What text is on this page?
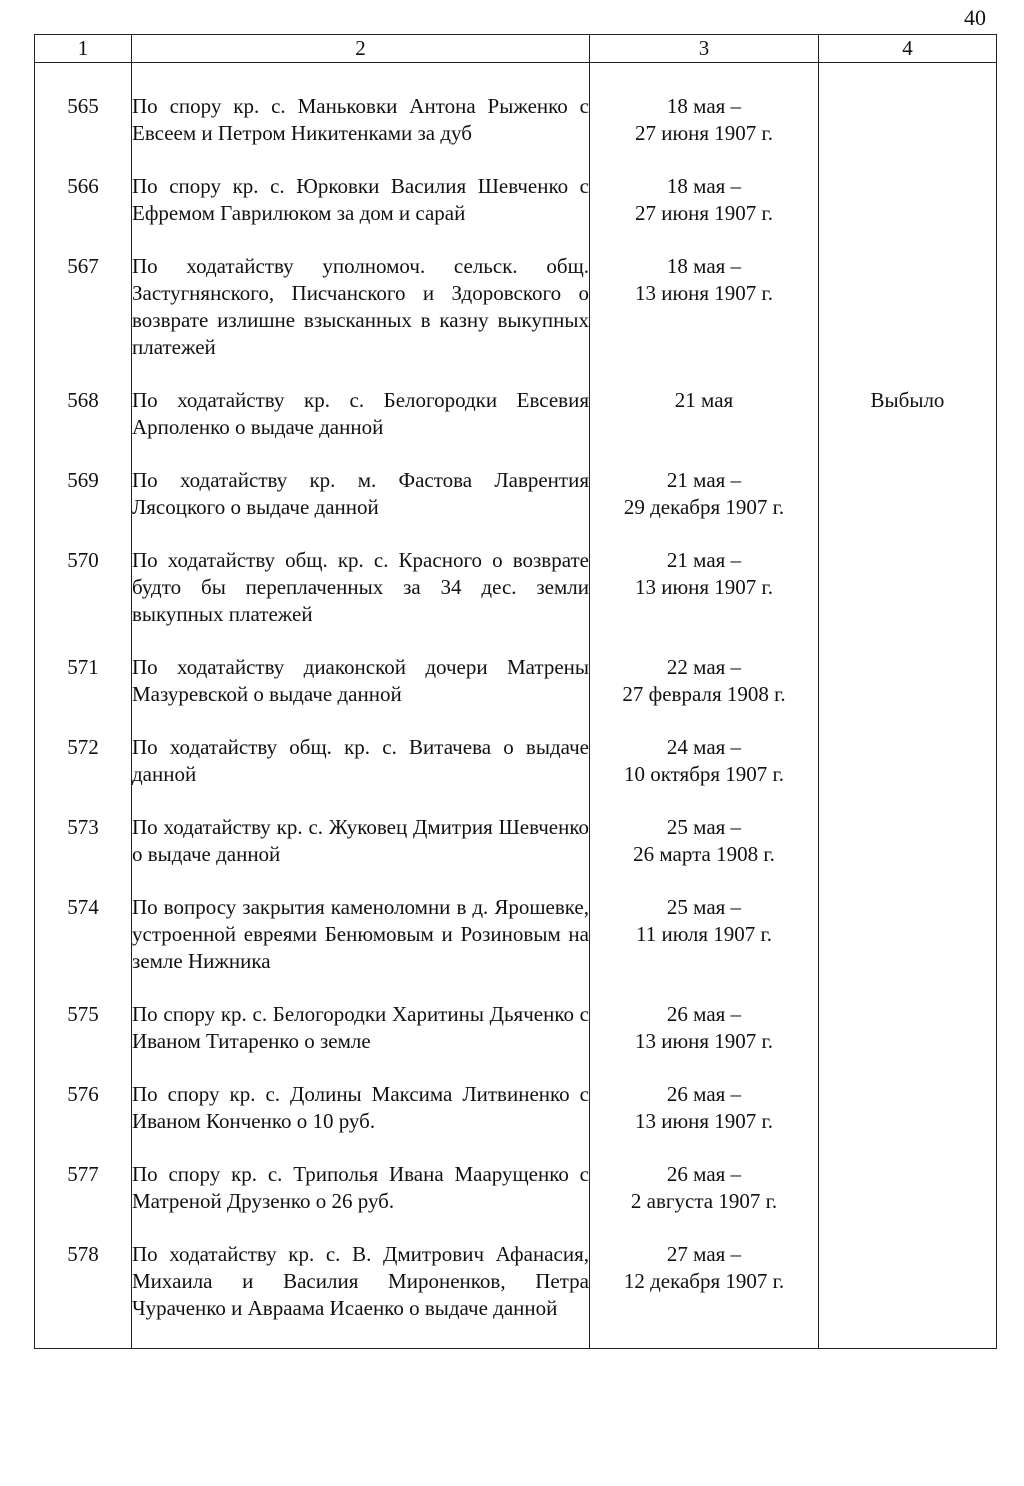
40
1	2	3	4

565	По спору кр. с. Маньковки Антона Рыженко с Евсеем и Петром Никитенками за дуб	18 мая –
27 июня 1907 г.	

566	По спору кр. с. Юрковки Василия Шевченко с Ефремом Гаврилюком за дом и сарай	18 мая –
27 июня 1907 г.	

567	По ходатайству уполномоч. сельск. общ. Застугнянского, Писчанского и Здоровского о возврате излишне взысканных в казну выкупных платежей	18 мая –
13 июня 1907 г.	

568	По ходатайству кр. с. Белогородки Евсевия Арполенко о выдаче данной	21 мая	Выбыло

569	По ходатайству кр. м. Фастова Лаврентия Лясоцкого о выдаче данной	21 мая –
29 декабря 1907 г.	

570	По ходатайству общ. кр. с. Красного о возврате будто бы переплаченных за 34 дес. земли выкупных платежей	21 мая –
13 июня 1907 г.	

571	По ходатайству диаконской дочери Матрены Мазуревской о выдаче данной	22 мая –
27 февраля 1908 г.	

572	По ходатайству общ. кр. с. Витачева о выдаче данной	24 мая –
10 октября 1907 г.	

573	По ходатайству кр. с. Жуковец Дмитрия Шевченко о выдаче данной	25 мая –
26 марта 1908 г.	

574	По вопросу закрытия каменоломни в д. Ярошевке, устроенной евреями Бенюмовым и Розиновым на земле Нижника	25 мая –
11 июля 1907 г.	

575	По спору кр. с. Белогородки Харитины Дьяченко с Иваном Титаренко о земле	26 мая –
13 июня 1907 г.	

576	По спору кр. с. Долины Максима Литвиненко с Иваном Конченко о 10 руб.	26 мая –
13 июня 1907 г.	

577	По спору кр. с. Триполья Ивана Маарущенко с Матреной Друзенко о 26 руб.	26 мая –
2 августа 1907 г.	

578	По ходатайству кр. с. В. Дмитрович Афанасия, Михаила и Василия Мироненков, Петра Чураченко и Авраама Исаенко о выдаче данной	27 мая –
12 декабря 1907 г.	
